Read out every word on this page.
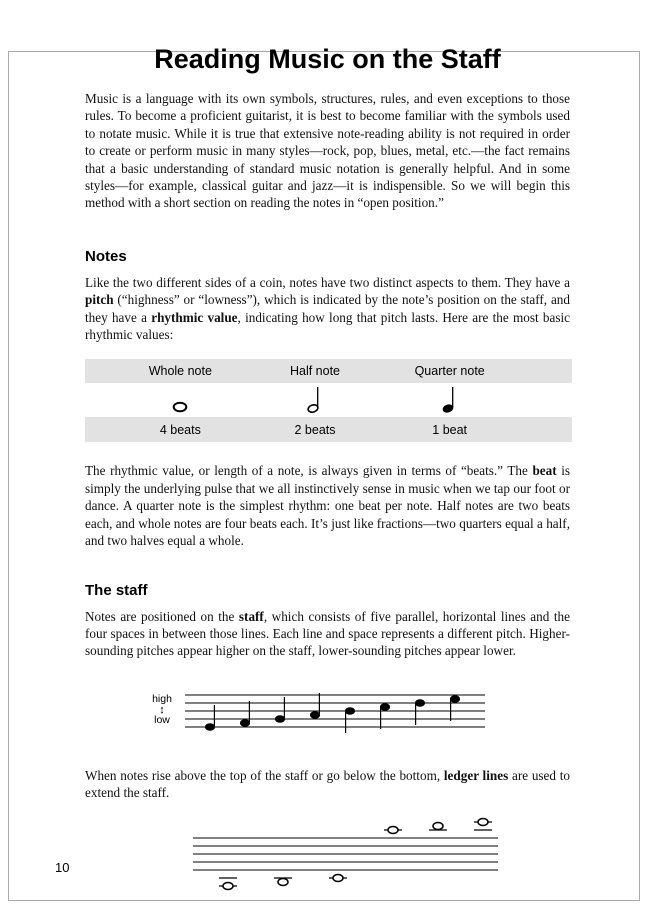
Reading Music on the Staff

Music is a language with its own symbols, structures, rules, and even exceptions to those rules. To become a proficient guitarist, it is best to become familiar with the symbols used to notate music. While it is true that extensive note-reading ability is not required in order to create or perform music in many styles—rock, pop, blues, metal, etc.—the fact remains that a basic understanding of standard music notation is generally helpful. And in some styles—for example, classical guitar and jazz—it is indispensible. So we will begin this method with a short section on reading the notes in “open position.”

Notes

Like the two different sides of a coin, notes have two distinct aspects to them. They have a pitch (“highness” or “lowness”), which is indicated by the note’s position on the staff, and they have a rhythmic value, indicating how long that pitch lasts. Here are the most basic rhythmic values:

Whole note	Half note	Quarter note
4 beats	2 beats	1 beat

The rhythmic value, or length of a note, is always given in terms of “beats.” The beat is simply the underlying pulse that we all instinctively sense in music when we tap our foot or dance. A quarter note is the simplest rhythm: one beat per note. Half notes are two beats each, and whole notes are four beats each. It’s just like fractions—two quarters equal a half, and two halves equal a whole.

The staff

Notes are positioned on the staff, which consists of five parallel, horizontal lines and the four spaces in between those lines. Each line and space represents a different pitch. Higher-sounding pitches appear higher on the staff, lower-sounding pitches appear lower.

high
↕
low

When notes rise above the top of the staff or go below the bottom, ledger lines are used to extend the staff.

10
